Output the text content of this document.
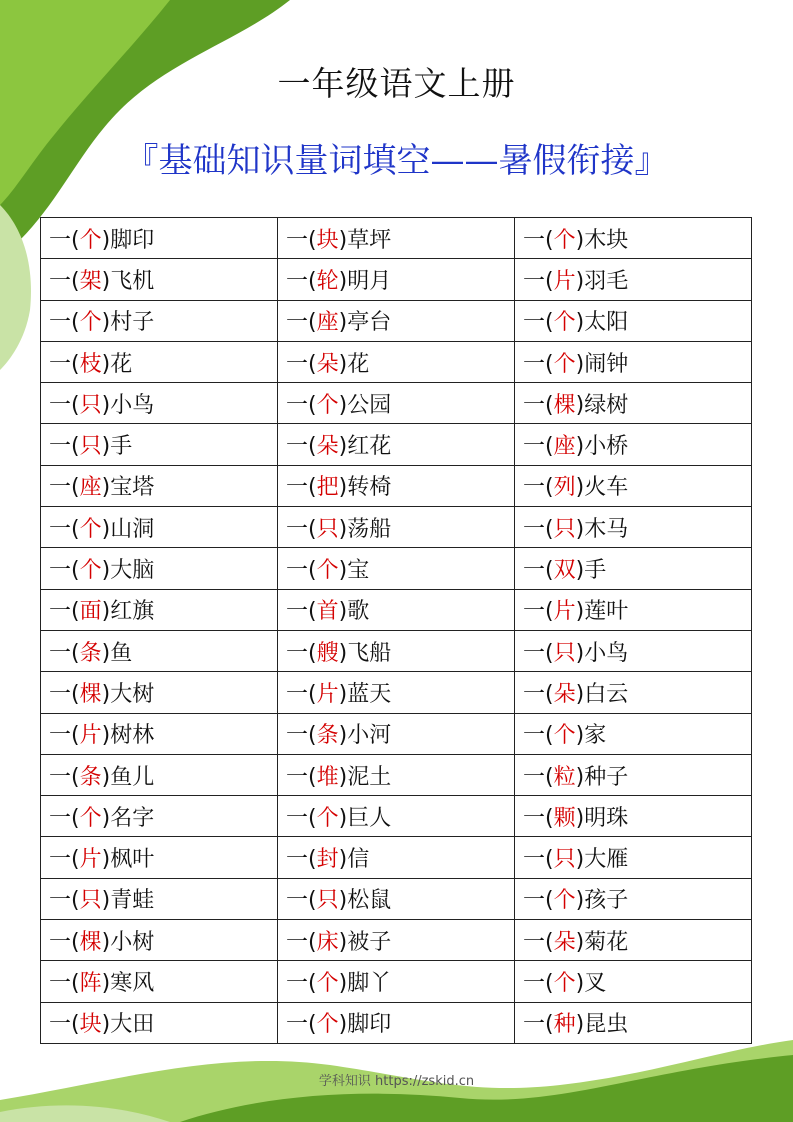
一年级语文上册
『基础知识量词填空——暑假衔接』
一(个)脚印	一(块)草坪	一(个)木块
一(架)飞机	一(轮)明月	一(片)羽毛
一(个)村子	一(座)亭台	一(个)太阳
一(枝)花	一(朵)花	一(个)闹钟
一(只)小鸟	一(个)公园	一(棵)绿树
一(只)手	一(朵)红花	一(座)小桥
一(座)宝塔	一(把)转椅	一(列)火车
一(个)山洞	一(只)荡船	一(只)木马
一(个)大脑	一(个)宝	一(双)手
一(面)红旗	一(首)歌	一(片)莲叶
一(条)鱼	一(艘)飞船	一(只)小鸟
一(棵)大树	一(片)蓝天	一(朵)白云
一(片)树林	一(条)小河	一(个)家
一(条)鱼儿	一(堆)泥土	一(粒)种子
一(个)名字	一(个)巨人	一(颗)明珠
一(片)枫叶	一(封)信	一(只)大雁
一(只)青蛙	一(只)松鼠	一(个)孩子
一(棵)小树	一(床)被子	一(朵)菊花
一(阵)寒风	一(个)脚丫	一(个)叉
一(块)大田	一(个)脚印	一(种)昆虫
学科知识 https://zskid.cn
